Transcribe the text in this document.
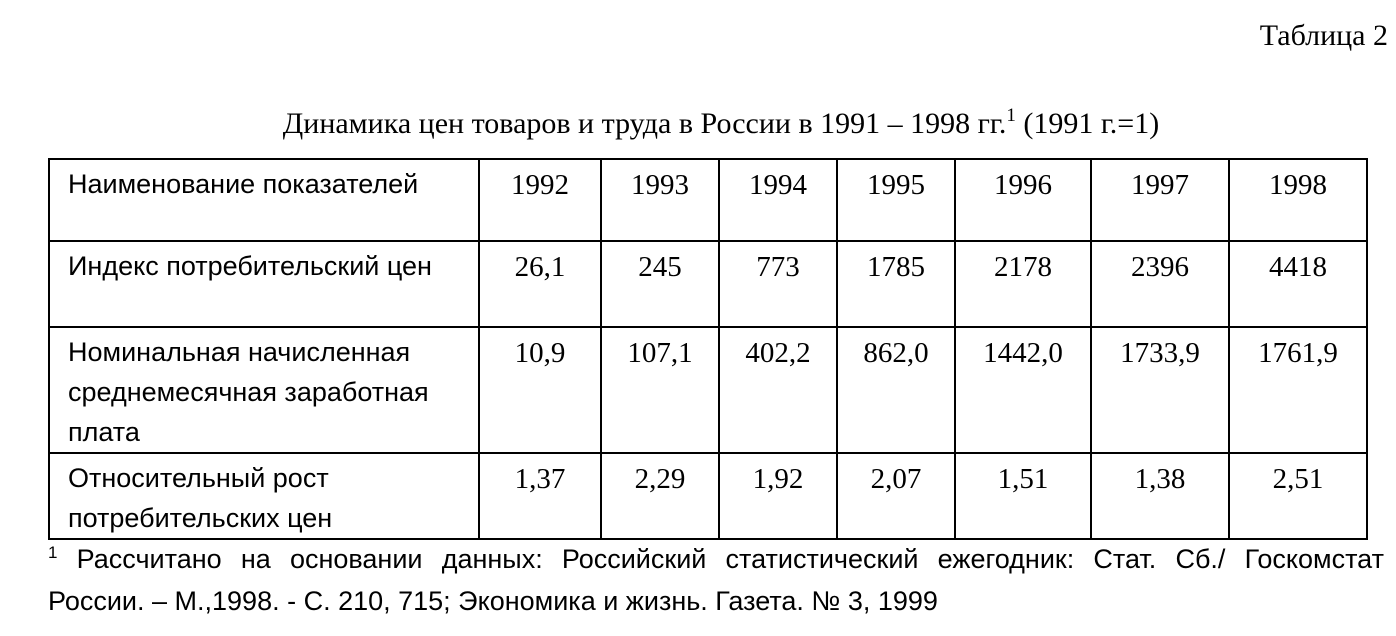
Таблица 2
Динамика цен товаров и труда в России в 1991 – 1998 гг.$^1$ (1991 г.=1)
Наименование показателей	1992	1993	1994	1995	1996	1997	1998
Индекс потребительский цен	26,1	245	773	1785	2178	2396	4418
Номинальная начисленная среднемесячная заработная плата	10,9	107,1	402,2	862,0	1442,0	1733,9	1761,9
Относительный рост потребительских цен	1,37	2,29	1,92	2,07	1,51	1,38	2,51
$^1$ Рассчитано на основании данных: Российский статистический ежегодник: Стат. Сб./ Госкомстат
России. – М.,1998. - С. 210, 715; Экономика и жизнь. Газета. № 3, 1999
